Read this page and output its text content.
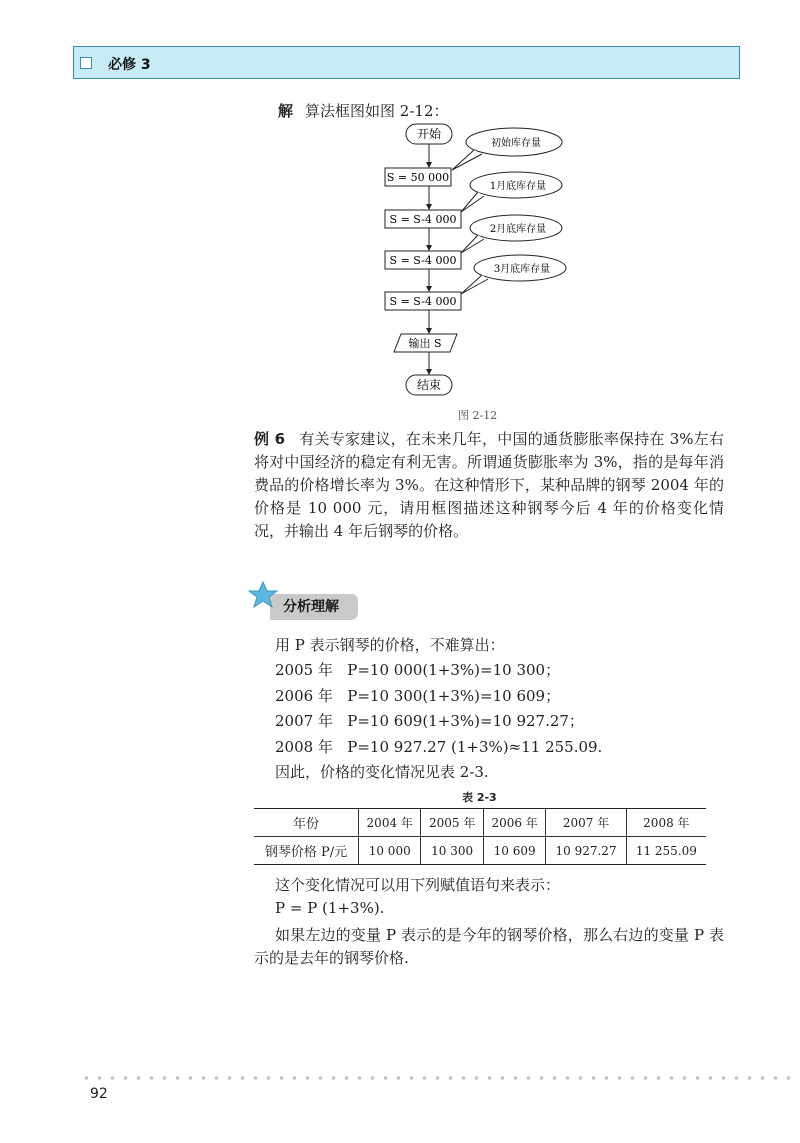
必修 3
解 算法框图如图 2-12：
开始
S = 50 000
S = S-4 000
S = S-4 000
S = S-4 000
输出 S
结束
初始库存量
1月底库存量
2月底库存量
3月底库存量
图 2-12
例 6 有关专家建议，在未来几年，中国的通货膨胀率保持在 3%左右将对中国经济的稳定有利无害。所谓通货膨胀率为 3%，指的是每年消费品的价格增长率为 3%。在这种情形下，某种品牌的钢琴 2004 年的价格是 10 000 元，请用框图描述这种钢琴今后 4 年的价格变化情况，并输出 4 年后钢琴的价格。
分析理解
用 P 表示钢琴的价格，不难算出：
2005 年 P=10 000(1+3%)=10 300；
2006 年 P=10 300(1+3%)=10 609；
2007 年 P=10 609(1+3%)=10 927.27；
2008 年 P=10 927.27 (1+3%)≈11 255.09.
因此，价格的变化情况见表 2-3.
表 2-3
年份	2004 年	2005 年	2006 年	2007 年	2008 年
钢琴价格 P/元	10 000	10 300	10 609	10 927.27	11 255.09
这个变化情况可以用下列赋值语句来表示：
P = P (1+3%).
如果左边的变量 P 表示的是今年的钢琴价格，那么右边的变量 P 表示的是去年的钢琴价格.
92
